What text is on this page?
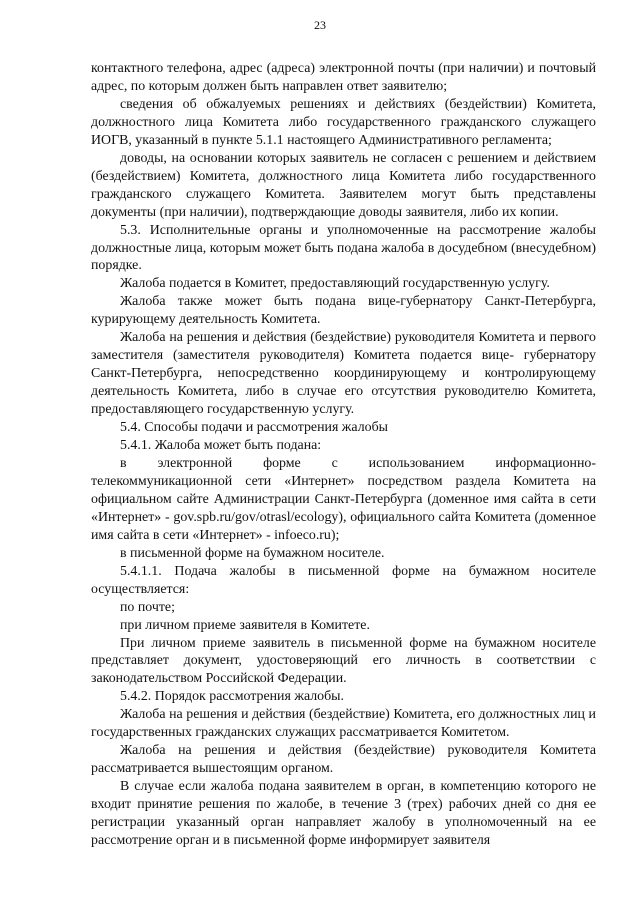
23

контактного телефона, адрес (адреса) электронной почты (при наличии) и почтовый адрес, по которым должен быть направлен ответ заявителю;

сведения об обжалуемых решениях и действиях (бездействии) Комитета, должностного лица Комитета либо государственного гражданского служащего ИОГВ, указанный в пункте 5.1.1 настоящего Административного регламента;

доводы, на основании которых заявитель не согласен с решением и действием (бездействием) Комитета, должностного лица Комитета либо государственного гражданского служащего Комитета. Заявителем могут быть представлены документы (при наличии), подтверждающие доводы заявителя, либо их копии.

5.3. Исполнительные органы и уполномоченные на рассмотрение жалобы должностные лица, которым может быть подана жалоба в досудебном (внесудебном) порядке.

Жалоба подается в Комитет, предоставляющий государственную услугу.

Жалоба также может быть подана вице-губернатору Санкт-Петербурга, курирующему деятельность Комитета.

Жалоба на решения и действия (бездействие) руководителя Комитета и первого заместителя (заместителя руководителя) Комитета подается вице- губернатору Санкт-Петербурга, непосредственно координирующему и контролирующему деятельность Комитета, либо в случае его отсутствия руководителю Комитета, предоставляющего государственную услугу.

5.4. Способы подачи и рассмотрения жалобы

5.4.1. Жалоба может быть подана:

в электронной форме с использованием информационно-телекоммуникационной сети «Интернет» посредством раздела Комитета на официальном сайте Администрации Санкт-Петербурга (доменное имя сайта в сети «Интернет» - gov.spb.ru/gov/otrasl/ecology), официального сайта Комитета (доменное имя сайта в сети «Интернет» - infoeco.ru);

в письменной форме на бумажном носителе.

5.4.1.1. Подача жалобы в письменной форме на бумажном носителе осуществляется:

по почте;

при личном приеме заявителя в Комитете.

При личном приеме заявитель в письменной форме на бумажном носителе представляет документ, удостоверяющий его личность в соответствии с законодательством Российской Федерации.

5.4.2. Порядок рассмотрения жалобы.

Жалоба на решения и действия (бездействие) Комитета, его должностных лиц и государственных гражданских служащих рассматривается Комитетом.

Жалоба на решения и действия (бездействие) руководителя Комитета рассматривается вышестоящим органом.

В случае если жалоба подана заявителем в орган, в компетенцию которого не входит принятие решения по жалобе, в течение 3 (трех) рабочих дней со дня ее регистрации указанный орган направляет жалобу в уполномоченный на ее рассмотрение орган и в письменной форме информирует заявителя
